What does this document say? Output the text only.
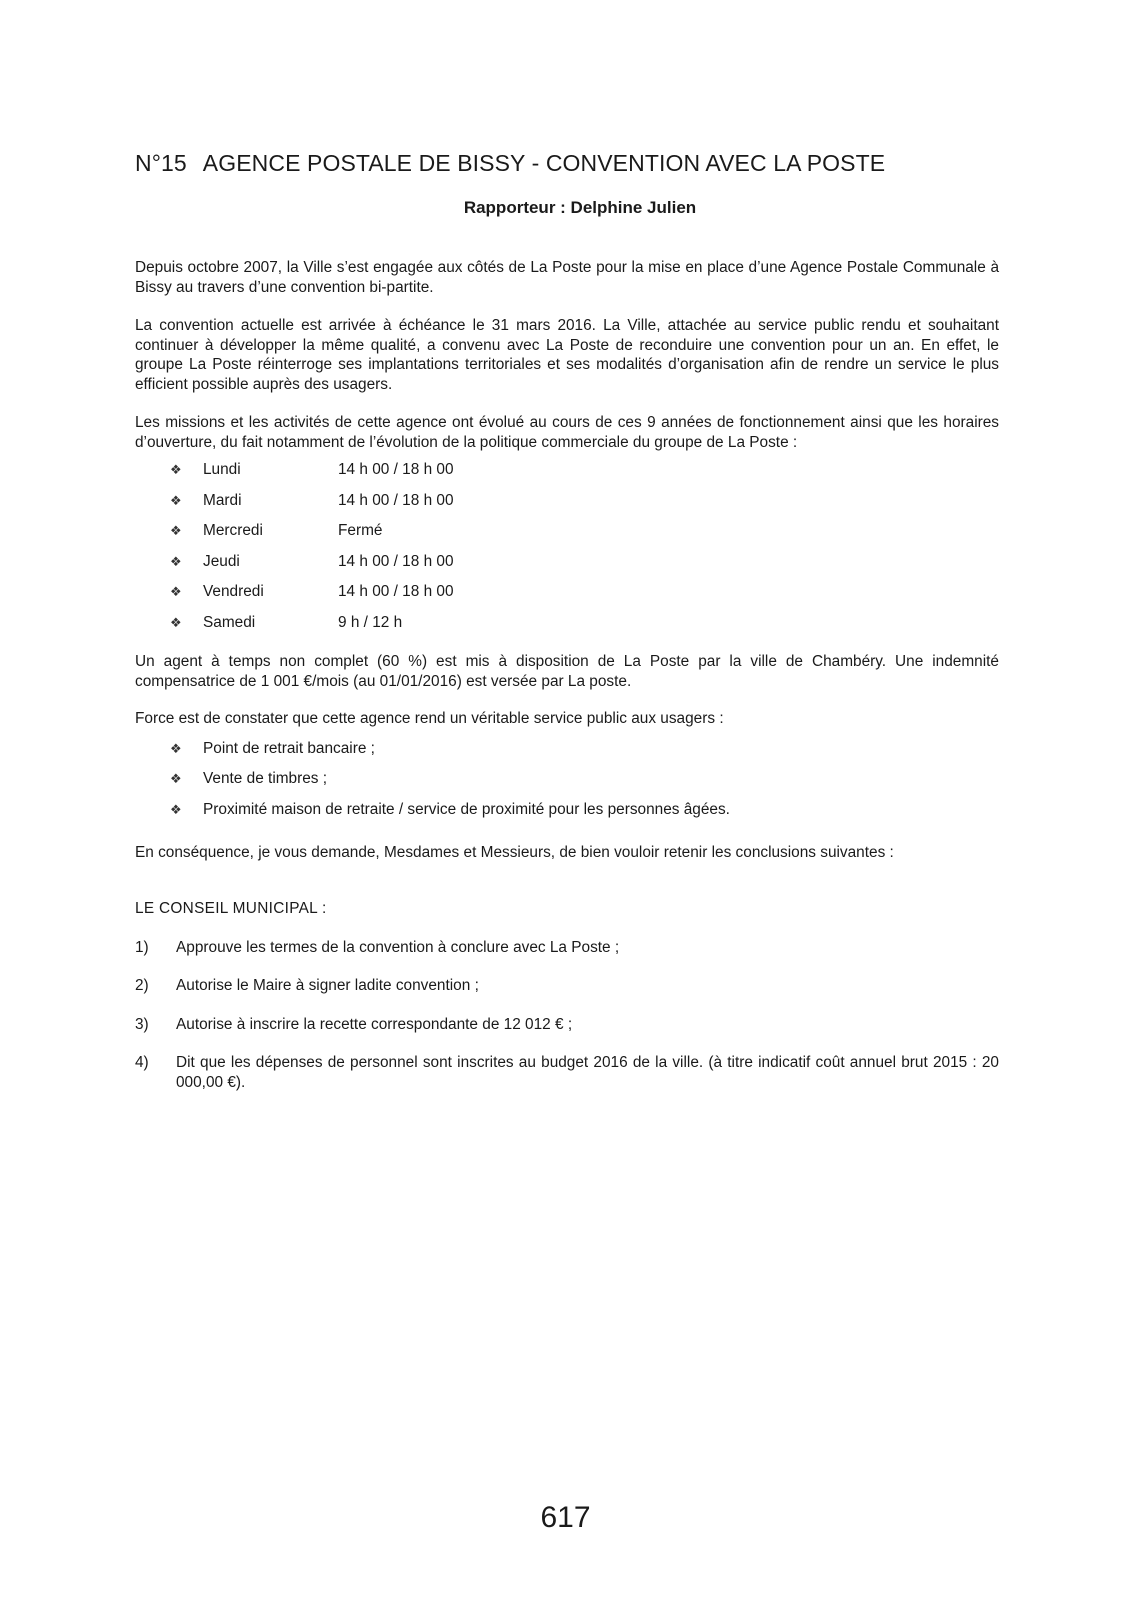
N°15 AGENCE POSTALE DE BISSY - CONVENTION AVEC LA POSTE
Rapporteur : Delphine Julien

Depuis octobre 2007, la Ville s’est engagée aux côtés de La Poste pour la mise en place d’une Agence Postale Communale à Bissy au travers d’une convention bi-partite.

La convention actuelle est arrivée à échéance le 31 mars 2016. La Ville, attachée au service public rendu et souhaitant continuer à développer la même qualité, a convenu avec La Poste de reconduire une convention pour un an. En effet, le groupe La Poste réinterroge ses implantations territoriales et ses modalités d’organisation afin de rendre un service le plus efficient possible auprès des usagers.

Les missions et les activités de cette agence ont évolué au cours de ces 9 années de fonctionnement ainsi que les horaires d’ouverture, du fait notamment de l’évolution de la politique commerciale du groupe de La Poste :

❖ Lundi	14 h 00 / 18 h 00
❖ Mardi	14 h 00 / 18 h 00
❖ Mercredi	Fermé
❖ Jeudi	14 h 00 / 18 h 00
❖ Vendredi	14 h 00 / 18 h 00
❖ Samedi	9 h / 12 h

Un agent à temps non complet (60 %) est mis à disposition de La Poste par la ville de Chambéry. Une indemnité compensatrice de 1 001 €/mois (au 01/01/2016) est versée par La poste.

Force est de constater que cette agence rend un véritable service public aux usagers :

❖ Point de retrait bancaire ;
❖ Vente de timbres ;
❖ Proximité maison de retraite / service de proximité pour les personnes âgées.

En conséquence, je vous demande, Mesdames et Messieurs, de bien vouloir retenir les conclusions suivantes :

LE CONSEIL MUNICIPAL :
1) Approuve les termes de la convention à conclure avec La Poste ;
2) Autorise le Maire à signer ladite convention ;
3) Autorise à inscrire la recette correspondante de 12 012 € ;
4) Dit que les dépenses de personnel sont inscrites au budget 2016 de la ville. (à titre indicatif coût annuel brut 2015 : 20 000,00 €).
617
